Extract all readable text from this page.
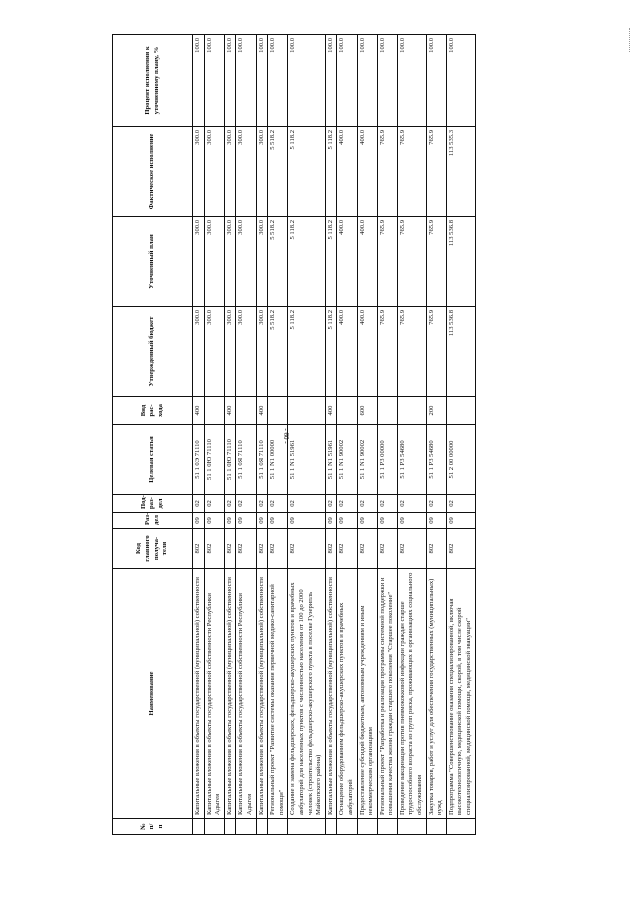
- 60 -
№ п/п	Наименование	Код главного получа-теля	Раз-дел	Под-раз-дел	Целевая статья	Вид рас-хода	Утвержденный бюджет	Уточненный план	Фактическое исполнение	Процент исполнения к уточненному плану, %
	Капитальные вложения в объекты государственной (муниципальной) собственности	802	09	02	51 1 0Э 71110	400	300.0	300.0	300.0	100.0
	Капитальные вложения в объекты государственной собственности Республики Адыгея	802	09	02	51 1 0Ю 71110		300.0	300.0	300.0	100.0
	Капитальные вложения в объекты государственной (муниципальной) собственности	802	09	02	51 1 0Ю 71110	400	300.0	300.0	300.0	100.0
	Капитальные вложения в объекты государственной собственности Республики Адыгея	802	09	02	51 1 0Я 71110		300.0	300.0	300.0	100.0
	Капитальные вложения в объекты государственной (муниципальной) собственности	802	09	02	51 1 0Я 71110	400	300.0	300.0	300.0	100.0
	Региональный проект "Развитие системы оказания первичной медико-санитарной помощи"	802	09	02	51 1 N1 00000		5 518.2	5 518.2	5 518.2	100.0
	Создание и замена фельдшерских, фельдшерско-акушерских пунктов и врачебных амбулаторий для населенных пунктов с численностью населения от 100 до 2000 человек (строительство фельдшерско-акушерского пункта в поселке Гузерипль Майкопского района)	802	09	02	51 1 N1 51961		5 118.2	5 118.2	5 118.2	100.0
	Капитальные вложения в объекты государственной (муниципальной) собственности	802	09	02	51 1 N1 51961	400	5 118.2	5 118.2	5 118.2	100.0
	Оснащение оборудованием фельдшерско-акушерских пунктов и врачебных амбулаторий	802	09	02	51 1 N1 90002		400.0	400.0	400.0	100.0
	Предоставление субсидий бюджетным, автономным учреждениям и иным некоммерческим организациям	802	09	02	51 1 N1 90002	600	400.0	400.0	400.0	100.0
	Региональный проект "Разработка и реализация программы системной поддержки и повышения качества жизни граждан старшего поколения "Старшее поколение"	802	09	02	51 1 P3 00000		765.9	765.9	765.9	100.0
	Проведение вакцинации против пневмококковой инфекции граждан старше трудоспособного возраста из групп риска, проживающих в организациях социального обслуживания	802	09	02	51 1 P3 54680		765.9	765.9	765.9	100.0
	Закупка товаров, работ и услуг для обеспечения государственных (муниципальных) нужд	802	09	02	51 1 P3 54680	200	765.9	765.9	765.9	100.0
	Подпрограмма "Совершенствование оказания специализированной, включая высокотехнологичную, медицинской помощи, скорой, в том числе скорой специализированной, медицинской помощи, медицинской эвакуации"	802	09	02	51 2 00 00000		113 536.8	113 536.8	113 535.3	100.0
